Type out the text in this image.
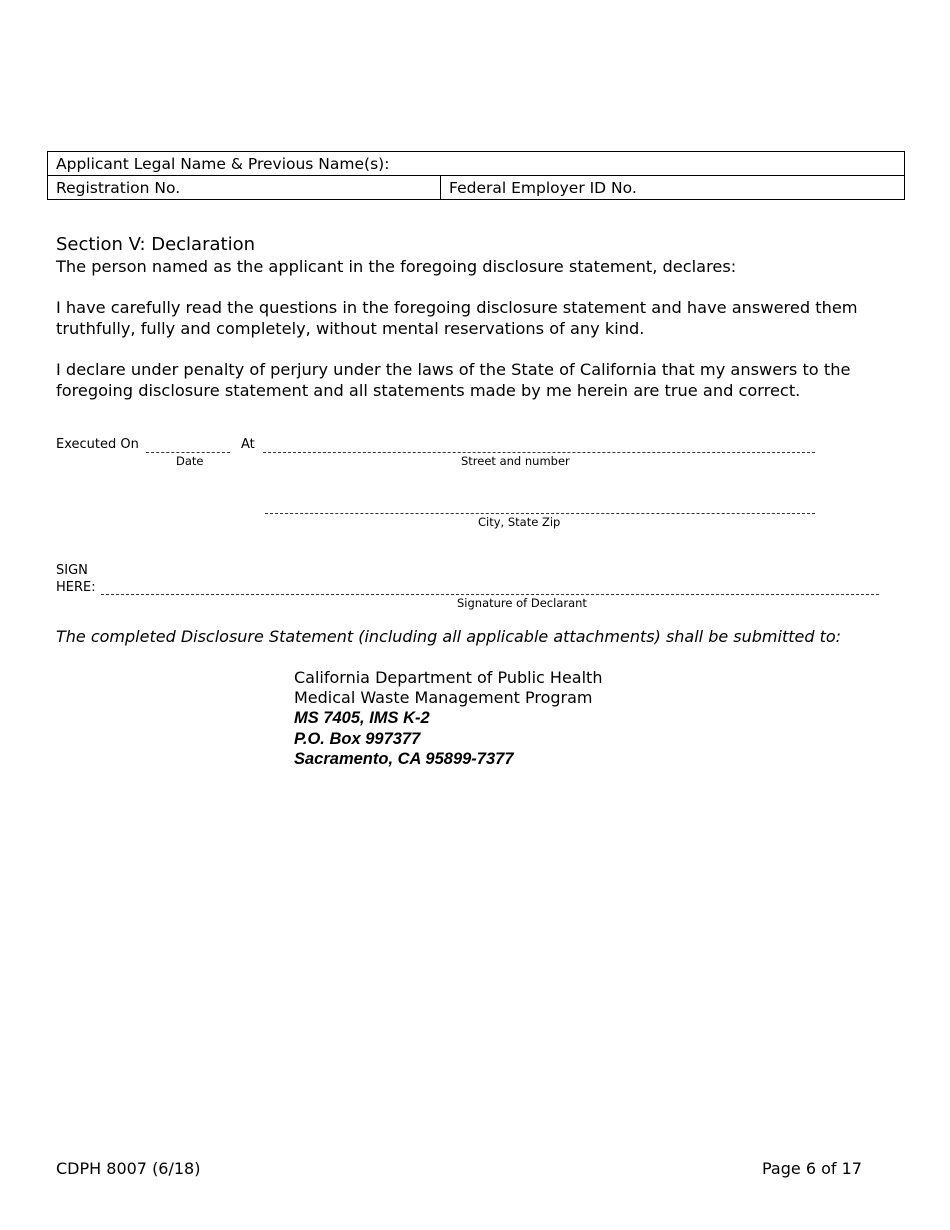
Applicant Legal Name & Previous Name(s):
Registration No.	Federal Employer ID No.
Section V: Declaration
The person named as the applicant in the foregoing disclosure statement, declares:
I have carefully read the questions in the foregoing disclosure statement and have answered them truthfully, fully and completely, without mental reservations of any kind.
I declare under penalty of perjury under the laws of the State of California that my answers to the foregoing disclosure statement and all statements made by me herein are true and correct.
Executed On	At
Date	Street and number
City, State Zip
SIGN
HERE:
Signature of Declarant
The completed Disclosure Statement (including all applicable attachments) shall be submitted to:
California Department of Public Health
Medical Waste Management Program
MS 7405, IMS K-2
P.O. Box 997377
Sacramento, CA 95899-7377
CDPH 8007 (6/18)	Page 6 of 17
